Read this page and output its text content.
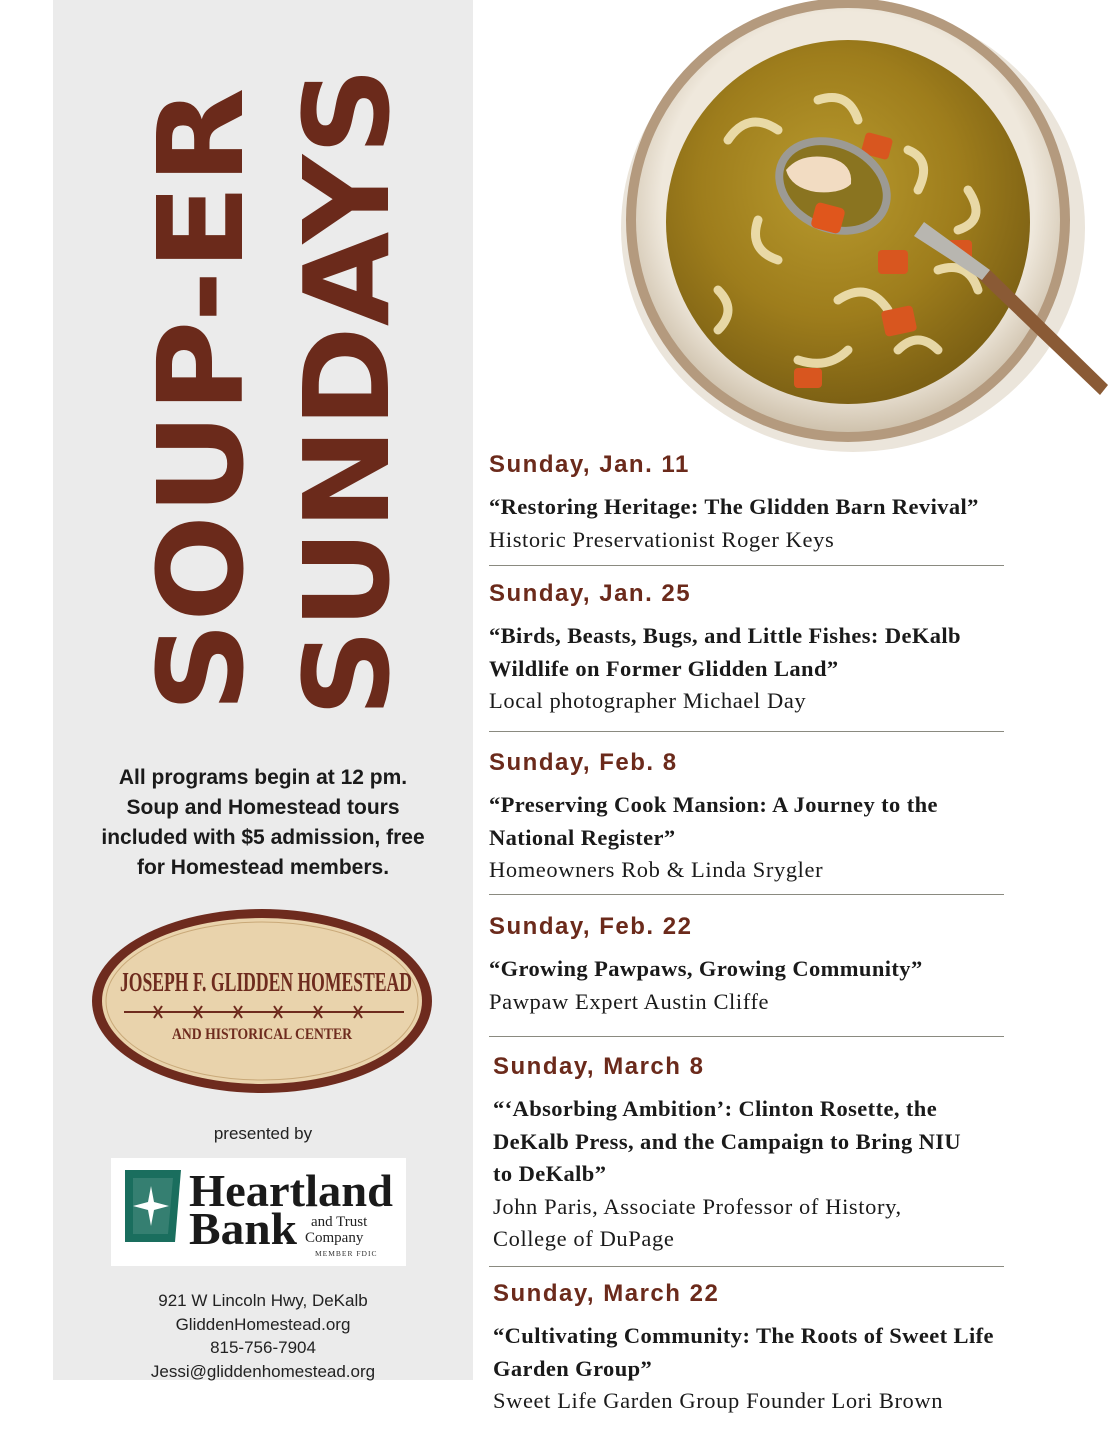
SOUP-ER SUNDAYS
All programs begin at 12 pm.
Soup and Homestead tours
included with $5 admission, free
for Homestead members.
JOSEPH F. GLIDDEN HOMESTEAD
AND HISTORICAL CENTER
presented by
Heartland
Bank and Trust
Company
MEMBER FDIC
921 W Lincoln Hwy, DeKalb
GliddenHomestead.org
815-756-7904
Jessi@gliddenhomestead.org
Sunday, Jan. 11
“Restoring Heritage: The Glidden Barn Revival”
Historic Preservationist Roger Keys
Sunday, Jan. 25
“Birds, Beasts, Bugs, and Little Fishes: DeKalb
Wildlife on Former Glidden Land”
Local photographer Michael Day
Sunday, Feb. 8
“Preserving Cook Mansion: A Journey to the
National Register”
Homeowners Rob & Linda Srygler
Sunday, Feb. 22
“Growing Pawpaws, Growing Community”
Pawpaw Expert Austin Cliffe
Sunday, March 8
“‘Absorbing Ambition’: Clinton Rosette, the
DeKalb Press, and the Campaign to Bring NIU
to DeKalb”
John Paris, Associate Professor of History,
College of DuPage
Sunday, March 22
“Cultivating Community: The Roots of Sweet Life
Garden Group”
Sweet Life Garden Group Founder Lori Brown
